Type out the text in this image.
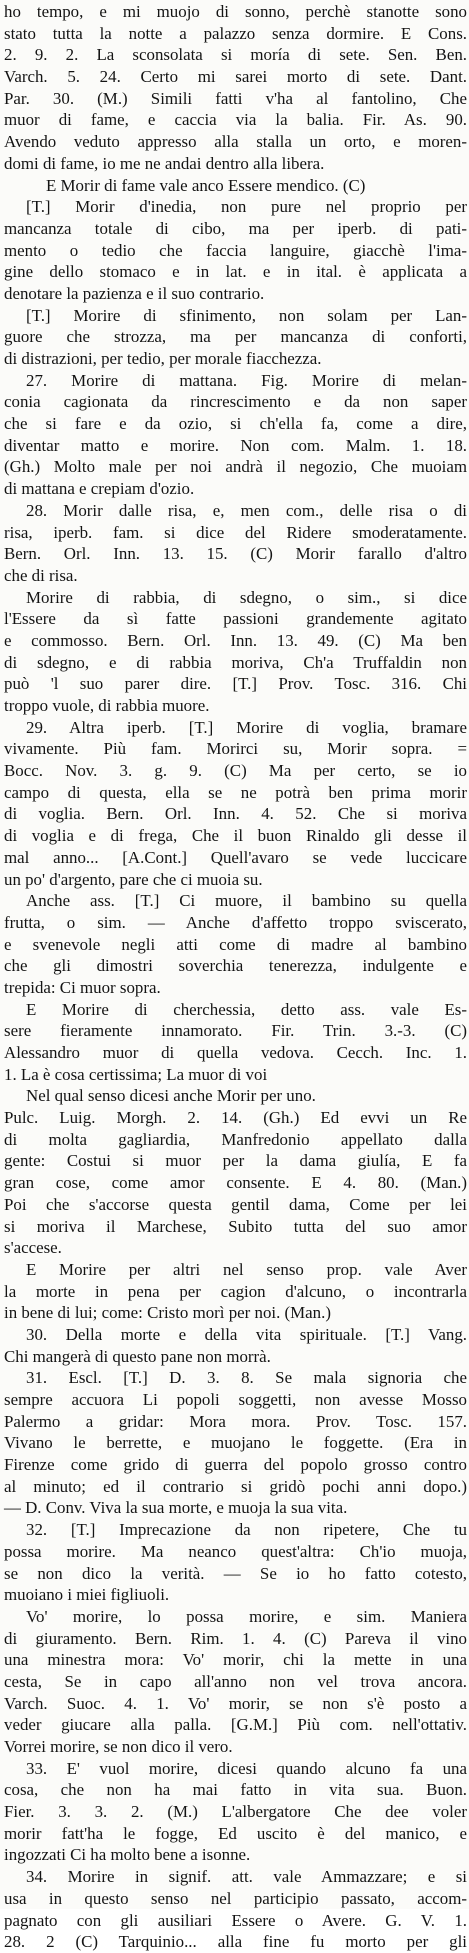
ho tempo, e mi muojo di sonno, perchè stanotte sono
stato tutta la notte a palazzo senza dormire. E Cons.
2. 9. 2. La sconsolata si moría di sete. Sen. Ben.
Varch. 5. 24. Certo mi sarei morto di sete. Dant.
Par. 30. (M.) Simili fatti v'ha al fantolino, Che
muor di fame, e caccia via la balia. Fir. As. 90.
Avendo veduto appresso alla stalla un orto, e moren-
domi di fame, io me ne andai dentro alla libera.
E Morir di fame vale anco Essere mendico. (C)
[T.] Morir d'inedia, non pure nel proprio per
mancanza totale di cibo, ma per iperb. di pati-
mento o tedio che faccia languire, giacchè l'ima-
gine dello stomaco e in lat. e in ital. è applicata a
denotare la pazienza e il suo contrario.
[T.] Morire di sfinimento, non solam per Lan-
guore che strozza, ma per mancanza di conforti,
di distrazioni, per tedio, per morale fiacchezza.
27. Morire di mattana. Fig. Morire di melan-
conia cagionata da rincrescimento e da non saper
che si fare e da ozio, si ch'ella fa, come a dire,
diventar matto e morire. Non com. Malm. 1. 18.
(Gh.) Molto male per noi andrà il negozio, Che muoiam
di mattana e crepiam d'ozio.
28. Morir dalle risa, e, men com., delle risa o di
risa, iperb. fam. si dice del Ridere smoderatamente.
Bern. Orl. Inn. 13. 15. (C) Morir farallo d'altro
che di risa.
Morire di rabbia, di sdegno, o sim., si dice
l'Essere da sì fatte passioni grandemente agitato
e commosso. Bern. Orl. Inn. 13. 49. (C) Ma ben
di sdegno, e di rabbia moriva, Ch'a Truffaldin non
può 'l suo parer dire. [T.] Prov. Tosc. 316. Chi
troppo vuole, di rabbia muore.
29. Altra iperb. [T.] Morire di voglia, bramare
vivamente. Più fam. Morirci su, Morir sopra. =
Bocc. Nov. 3. g. 9. (C) Ma per certo, se io
campo di questa, ella se ne potrà ben prima morir
di voglia. Bern. Orl. Inn. 4. 52. Che si moriva
di voglia e di frega, Che il buon Rinaldo gli desse il
mal anno... [A.Cont.] Quell'avaro se vede luccicare
un po' d'argento, pare che ci muoia su.
Anche ass. [T.] Ci muore, il bambino su quella
frutta, o sim. — Anche d'affetto troppo svisceratо,
e svenevole negli atti come di madre al bambino
che gli dimostri soverchia tenerezza, indulgente e
trepida: Ci muor sopra.
E Morire di cherchessia, detto ass. vale Es-
sere fieramente innamorato. Fir. Trin. 3.-3. (C)
Alessandro muor di quella vedova. Cecch. Inc. 1.
1. La è cosa certissima; La muor di voi
Nel qual senso dicesi anche Morir per uno.
Pulc. Luig. Morgh. 2. 14. (Gh.) Ed evvi un Re
di molta gagliardia, Manfredonio appellato dalla
gente: Costui si muor per la dama giulía, E fa
gran cose, come amor consente. E 4. 80. (Man.)
Poi che s'accorse questa gentil dama, Come per lei
si moriva il Marchese, Subito tutta del suo amor
s'accese.
E Morire per altri nel senso prop. vale Aver
la morte in pena per cagion d'alcuno, o incontrarla
in bene di lui; come: Cristo morì per noi. (Man.)
30. Della morte e della vita spirituale. [T.] Vang.
Chi mangerà di questo pane non morrà.
31. Escl. [T.] D. 3. 8. Se mala signoria che
sempre accuora Li popoli soggetti, non avesse Mosso
Palermo a gridar: Mora mora. Prov. Tosc. 157.
Vivano le berrette, e muojano le foggette. (Era in
Firenze come grido di guerra del popolo grosso contro
al minuto; ed il contrario si gridò pochi anni dopo.)
— D. Conv. Viva la sua morte, e muoja la sua vita.
32. [T.] Imprecazione da non ripetere, Che tu
possa morire. Ma neanco quest'altra: Ch'io muoja,
se non dico la verità. — Se io ho fatto cotesto,
muoiano i miei figliuoli.
Vo' morire, lo possa morire, e sim. Maniera
di giuramento. Bern. Rim. 1. 4. (C) Pareva il vino
una minestra mora: Vo' morir, chi la mette in una
cesta, Se in capo all'anno non vel trova ancora.
Varch. Suoc. 4. 1. Vo' morir, se non s'è posto a
veder giucare alla palla. [G.M.] Più com. nell'ottativ.
Vorrei morire, se non dico il vero.
33. E' vuol morire, dicesi quando alcuno fa una
cosa, che non ha mai fatto in vita sua. Buon.
Fier. 3. 3. 2. (M.) L'albergatore Che dee voler
morir fatt'ha le fogge, Ed uscito è del manico, e
ingozzati Ci ha molto bene a isonne.
34. Morire in signif. att. vale Ammazzare; e si
usa in questo senso nel participio passato, accom-
pagnato con gli ausiliari Essere o Avere. G. V. 1.
28. 2 (C) Tarquinio... alla fine fu morto per gli
